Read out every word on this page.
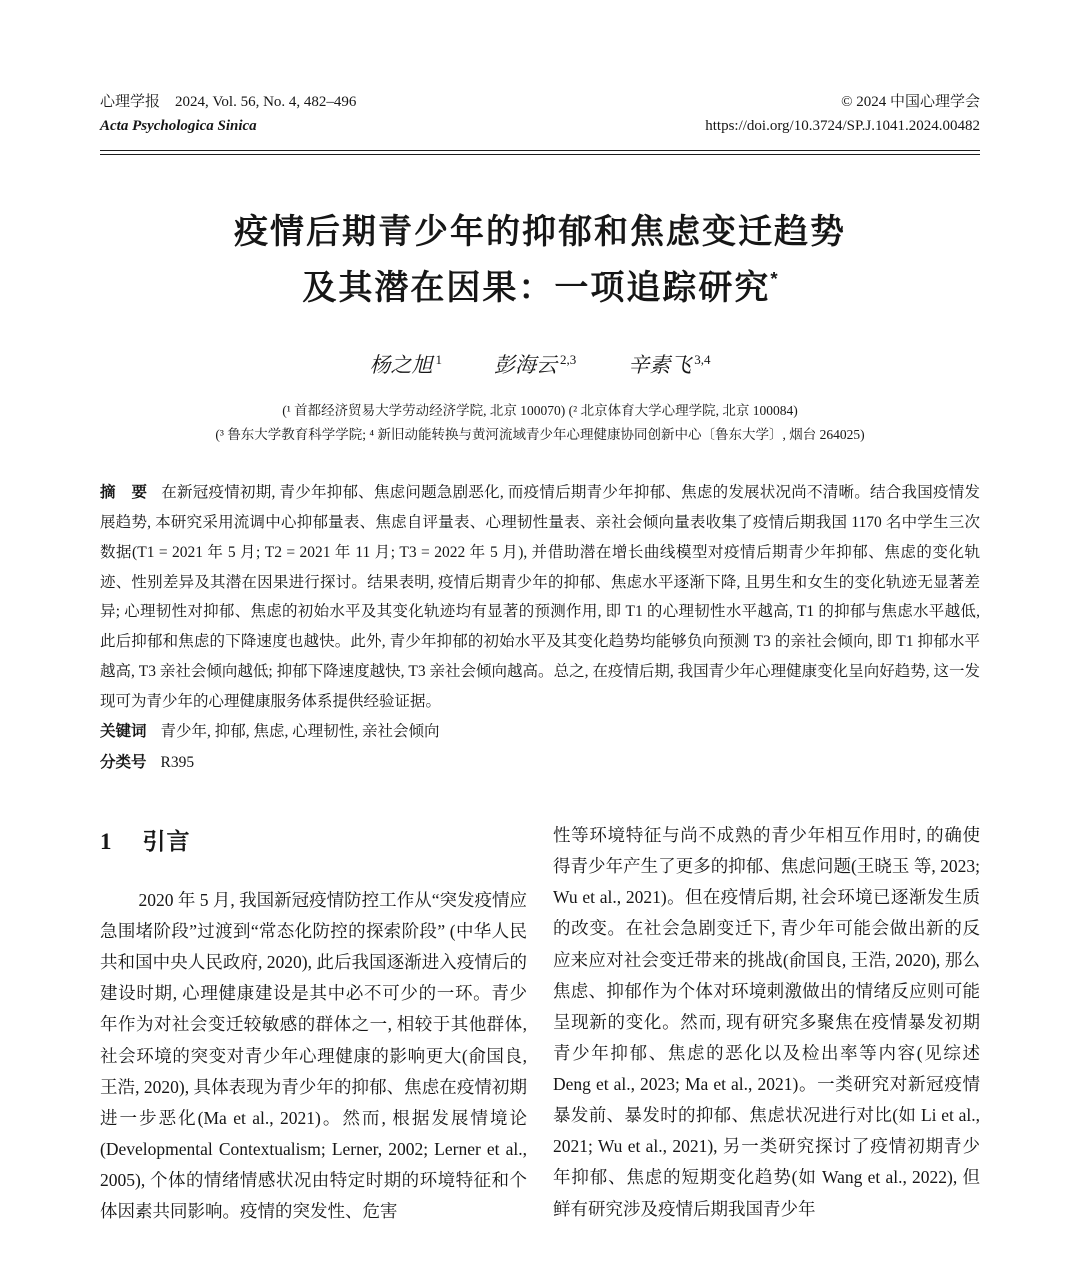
心理学报　2024, Vol. 56, No. 4, 482–496
Acta Psychologica Sinica
© 2024 中国心理学会
https://doi.org/10.3724/SP.J.1041.2024.00482
疫情后期青少年的抑郁和焦虑变迁趋势
及其潜在因果：一项追踪研究*
杨之旭 $^1$ 彭海云 $^{2,3}$ 辛素飞 $^{3,4}$
(¹ 首都经济贸易大学劳动经济学院, 北京 100070) (² 北京体育大学心理学院, 北京 100084)
(³ 鲁东大学教育科学学院; ⁴ 新旧动能转换与黄河流域青少年心理健康协同创新中心〔鲁东大学〕, 烟台 264025)

摘　要 在新冠疫情初期, 青少年抑郁、焦虑问题急剧恶化, 而疫情后期青少年抑郁、焦虑的发展状况尚不清晰。结合我国疫情发展趋势, 本研究采用流调中心抑郁量表、焦虑自评量表、心理韧性量表、亲社会倾向量表收集了疫情后期我国 1170 名中学生三次数据(T1 = 2021 年 5 月; T2 = 2021 年 11 月; T3 = 2022 年 5 月), 并借助潜在增长曲线模型对疫情后期青少年抑郁、焦虑的变化轨迹、性别差异及其潜在因果进行探讨。结果表明, 疫情后期青少年的抑郁、焦虑水平逐渐下降, 且男生和女生的变化轨迹无显著差异; 心理韧性对抑郁、焦虑的初始水平及其变化轨迹均有显著的预测作用, 即 T1 的心理韧性水平越高, T1 的抑郁与焦虑水平越低, 此后抑郁和焦虑的下降速度也越快。此外, 青少年抑郁的初始水平及其变化趋势均能够负向预测 T3 的亲社会倾向, 即 T1 抑郁水平越高, T3 亲社会倾向越低; 抑郁下降速度越快, T3 亲社会倾向越高。总之, 在疫情后期, 我国青少年心理健康变化呈向好趋势, 这一发现可为青少年的心理健康服务体系提供经验证据。

关键词 青少年, 抑郁, 焦虑, 心理韧性, 亲社会倾向

分类号 R395

1 引言

2020 年 5 月, 我国新冠疫情防控工作从“突发疫情应急围堵阶段”过渡到“常态化防控的探索阶段” (中华人民共和国中央人民政府, 2020), 此后我国逐渐进入疫情后的建设时期, 心理健康建设是其中必不可少的一环。青少年作为对社会变迁较敏感的群体之一, 相较于其他群体, 社会环境的突变对青少年心理健康的影响更大(俞国良, 王浩, 2020), 具体表现为青少年的抑郁、焦虑在疫情初期进一步恶化(Ma et al., 2021)。然而, 根据发展情境论(Developmental Contextualism; Lerner, 2002; Lerner et al., 2005), 个体的情绪情感状况由特定时期的环境特征和个体因素共同影响。疫情的突发性、危害

性等环境特征与尚不成熟的青少年相互作用时, 的确使得青少年产生了更多的抑郁、焦虑问题(王晓玉 等, 2023; Wu et al., 2021)。但在疫情后期, 社会环境已逐渐发生质的改变。在社会急剧变迁下, 青少年可能会做出新的反应来应对社会变迁带来的挑战(俞国良, 王浩, 2020), 那么焦虑、抑郁作为个体对环境刺激做出的情绪反应则可能呈现新的变化。然而, 现有研究多聚焦在疫情暴发初期青少年抑郁、焦虑的恶化以及检出率等内容(见综述 Deng et al., 2023; Ma et al., 2021)。一类研究对新冠疫情暴发前、暴发时的抑郁、焦虑状况进行对比(如 Li et al., 2021; Wu et al., 2021), 另一类研究探讨了疫情初期青少年抑郁、焦虑的短期变化趋势(如 Wang et al., 2022), 但鲜有研究涉及疫情后期我国青少年
